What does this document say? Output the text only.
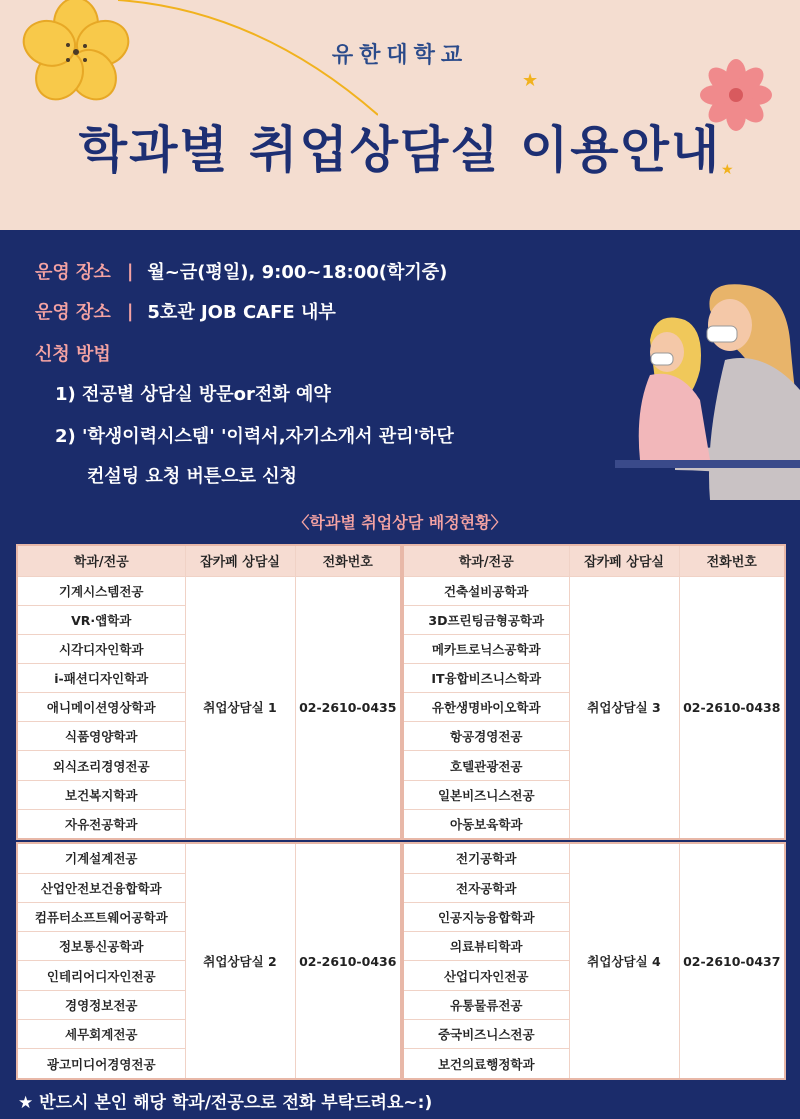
★
★
유한대학교
학과별 취업상담실 이용안내
운영 장소 | 월~금(평일), 9:00~18:00(학기중)
운영 장소 | 5호관 JOB CAFE 내부
신청 방법
1) 전공별 상담실 방문or전화 예약
2) '학생이력시스템' '이력서,자기소개서 관리'하단
컨설팅 요청 버튼으로 신청
〈학과별 취업상담 배정현황〉
학과/전공	잡카페 상담실	전화번호
기계시스템전공	취업상담실 1	02-2610-0435
VR·앱학과		
시각디자인학과		
i-패션디자인학과		
애니메이션영상학과		
식품영양학과		
외식조리경영전공		
보건복지학과		
자유전공학과		
학과/전공	잡카페 상담실	전화번호
건축설비공학과	취업상담실 3	02-2610-0438
3D프린팅금형공학과		
메카트로닉스공학과		
IT융합비즈니스학과		
유한생명바이오학과		
항공경영전공		
호텔관광전공		
일본비즈니스전공		
아동보육학과		
기계설계전공	취업상담실 2	02-2610-0436
산업안전보건융합학과
컴퓨터소프트웨어공학과
정보통신공학과
인테리어디자인전공
경영정보전공
세무회계전공
광고미디어경영전공
전기공학과	취업상담실 4	02-2610-0437
전자공학과
인공지능융합학과
의료뷰티학과
산업디자인전공
유통물류전공
중국비즈니스전공
보건의료행정학과
★ 반드시 본인 해당 학과/전공으로 전화 부탁드려요~:)
